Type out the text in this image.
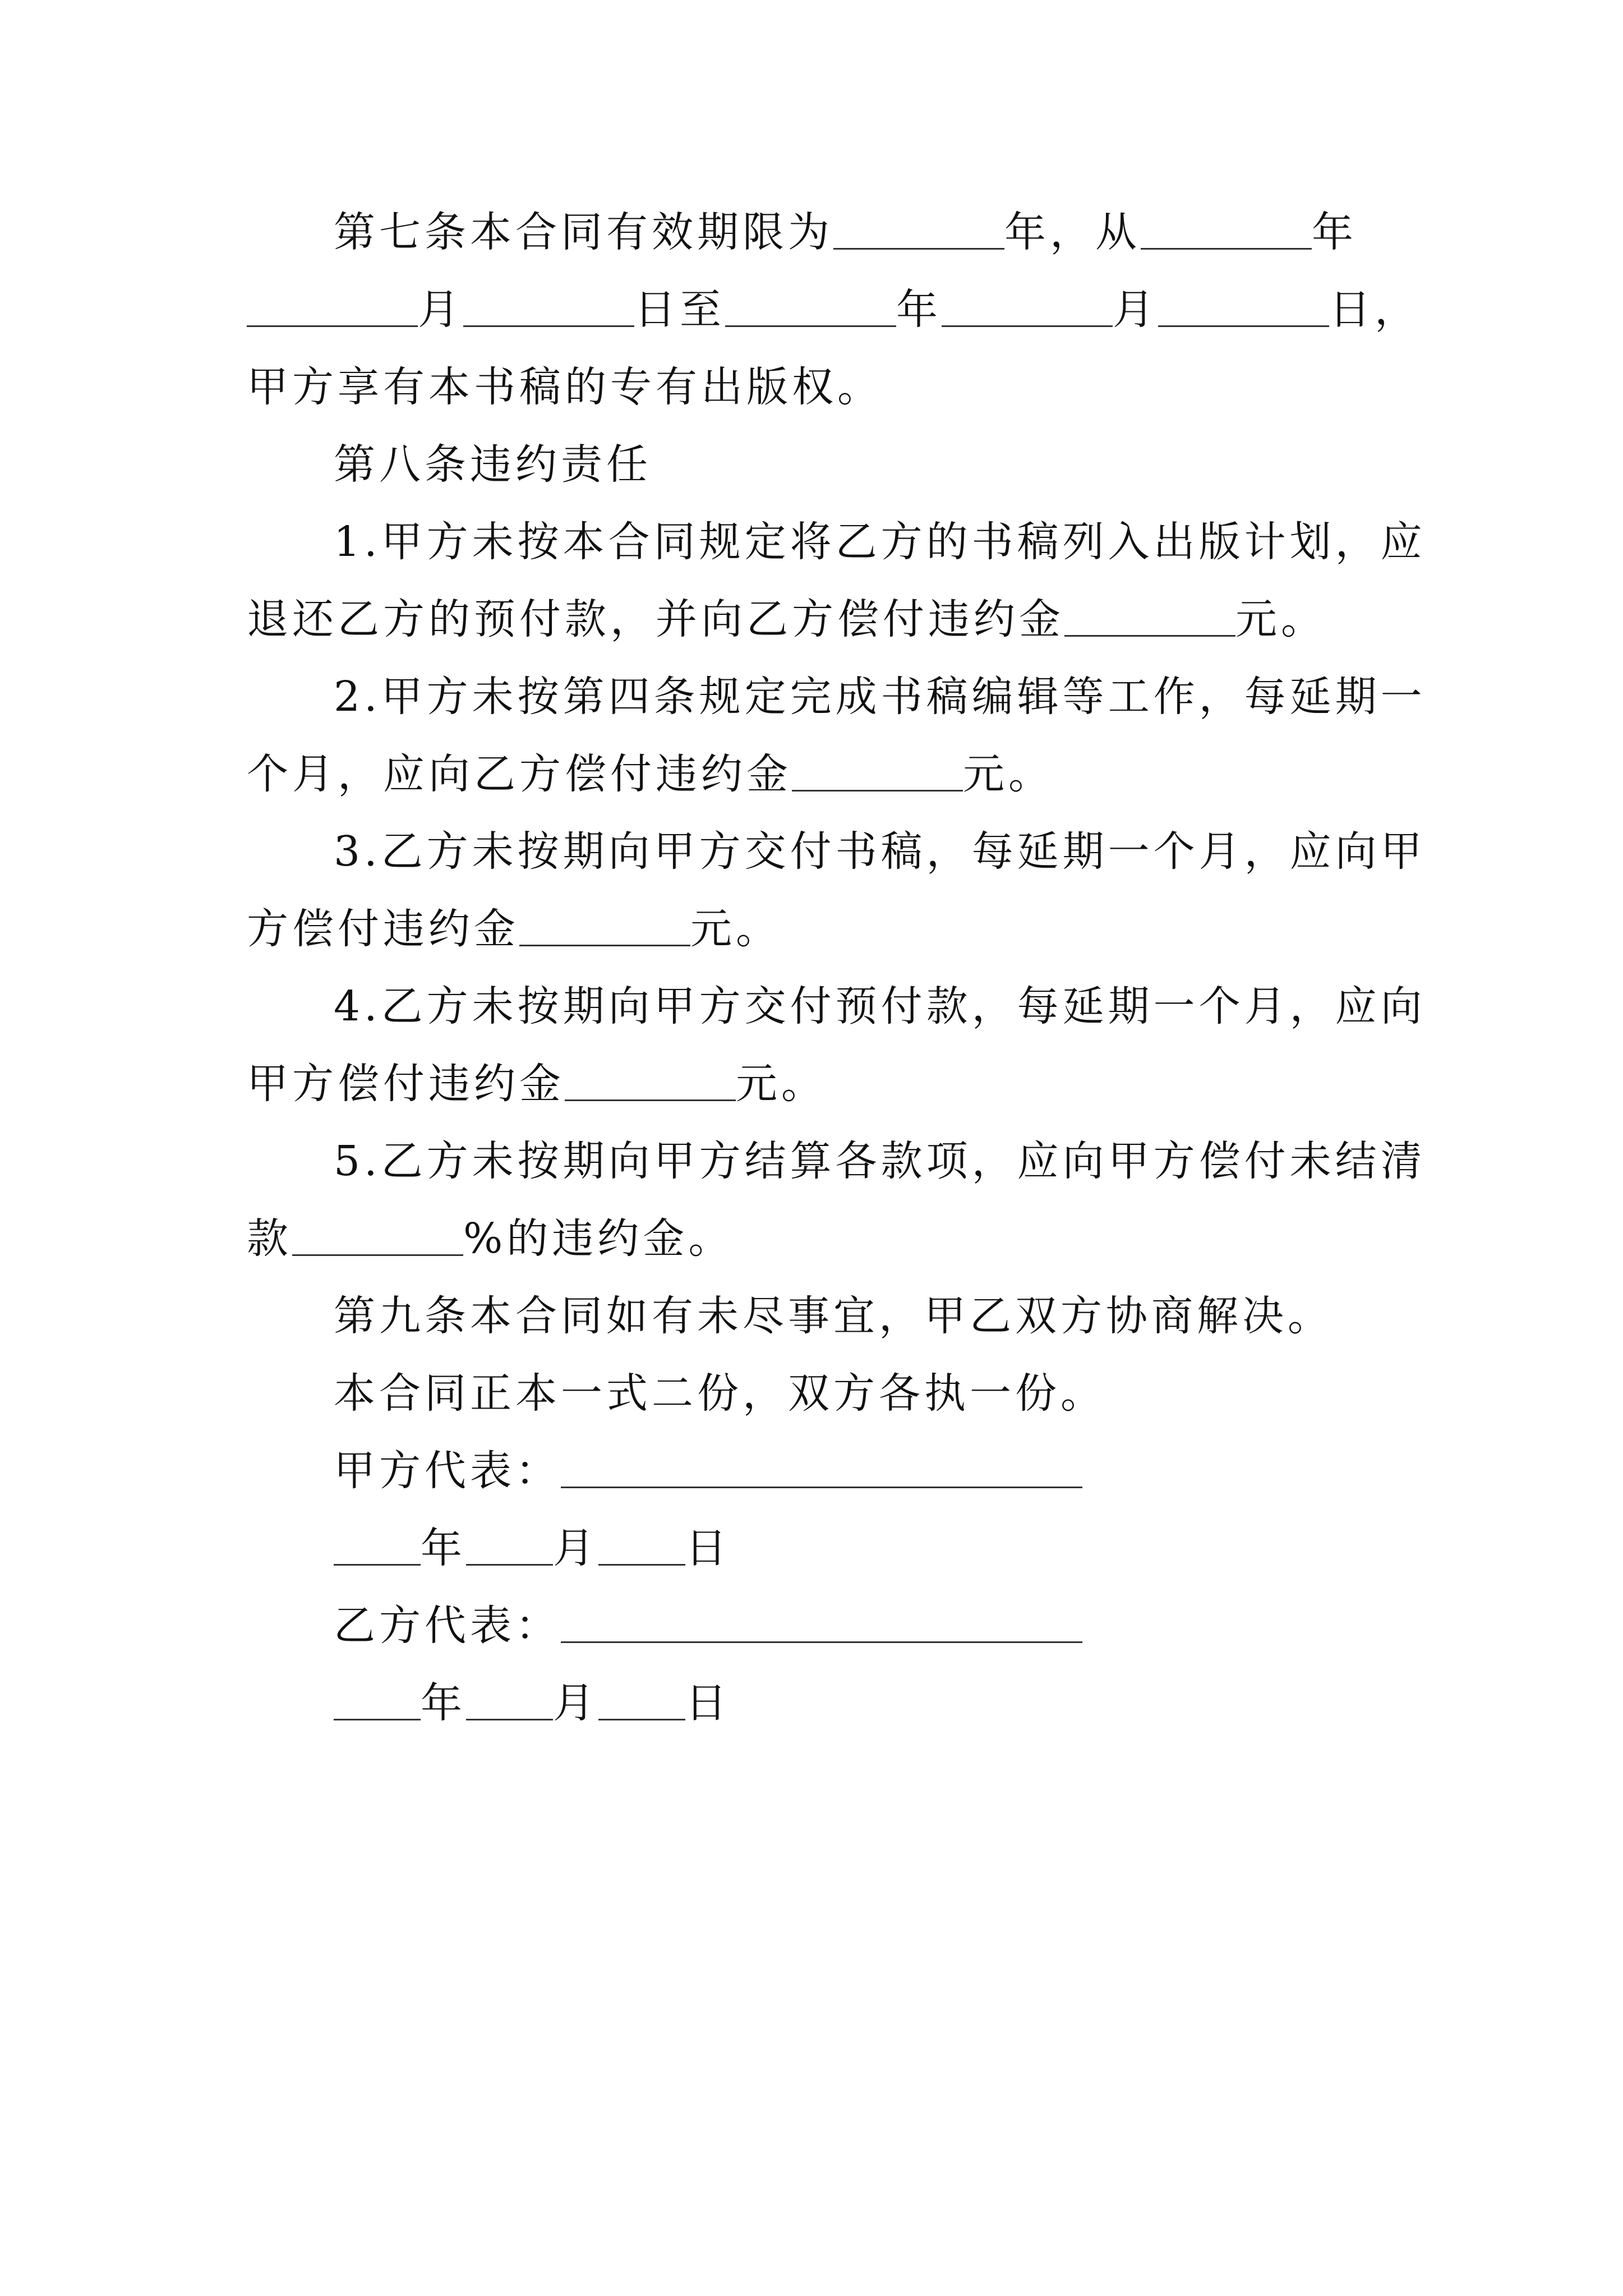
第七条本合同有效期限为	年，从	年
月	日至	年	月	日，
甲方享有本书稿的专有出版权。
第八条违约责任
1.甲方未按本合同规定将乙方的书稿列入出版计划，应
退还乙方的预付款，并向乙方偿付违约金	元。
2.甲方未按第四条规定完成书稿编辑等工作，每延期一
个月，应向乙方偿付违约金	元。
3.乙方未按期向甲方交付书稿，每延期一个月，应向甲
方偿付违约金	元。
4.乙方未按期向甲方交付预付款，每延期一个月，应向
甲方偿付违约金	元。
5.乙方未按期向甲方结算各款项，应向甲方偿付未结清
款	%的违约金。
第九条本合同如有未尽事宜，甲乙双方协商解决。
本合同正本一式二份，双方各执一份。
甲方代表：
年 月 日
乙方代表：
年 月 日
